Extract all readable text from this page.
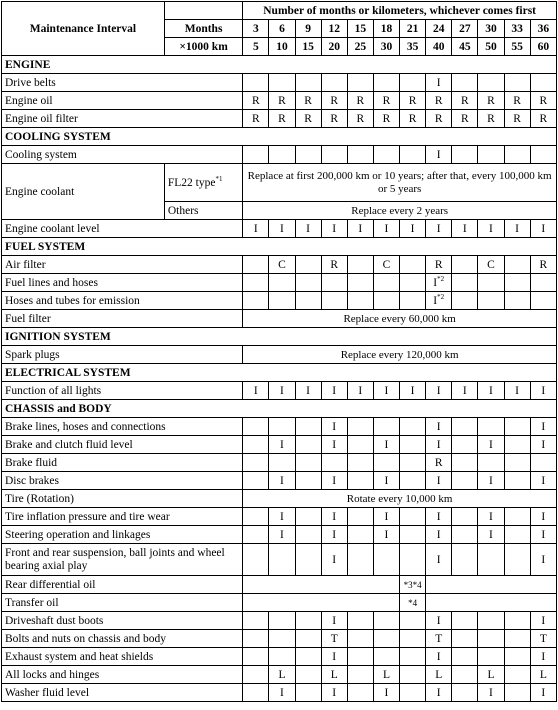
Maintenance Interval		Number of months or kilometers, whichever comes first											
	Months	3	6	9	12	15	18	21	24	27	30	33	36
	×1000 km	5	10	15	20	25	30	35	40	45	50	55	60
ENGINE													
Drive belts									I				
Engine oil		R	R	R	R	R	R	R	R	R	R	R	R
Engine oil filter		R	R	R	R	R	R	R	R	R	R	R	R
COOLING SYSTEM													
Cooling system									I				
Engine coolant	FL22 type$^{*1}$	Replace at first 200,000 km or 10 years; after that, every 100,000 km or 5 years											
	Others	Replace every 2 years											
Engine coolant level		I	I	I	I	I	I	I	I	I	I	I	I
FUEL SYSTEM													
Air filter			C		R		C		R		C		R
Fuel lines and hoses									$I^{*2}$				
Hoses and tubes for emission									$I^{*2}$				
Fuel filter		Replace every 60,000 km											
IGNITION SYSTEM													
Spark plugs		Replace every 120,000 km											
ELECTRICAL SYSTEM													
Function of all lights		I	I	I	I	I	I	I	I	I	I	I	I
CHASSIS and BODY													
Brake lines, hoses and connections					I				I				I
Brake and clutch fluid level			I		I		I		I		I		I
Brake fluid									R				
Disc brakes			I		I		I		I		I		I
Tire (Rotation)		Rotate every 10,000 km											
Tire inflation pressure and tire wear			I		I		I		I		I		I
Steering operation and linkages			I		I		I		I		I		I
Front and rear suspension, ball joints and wheel bearing axial play					I				I				I
Rear differential oil								*3*4					
Transfer oil								*4					
Driveshaft dust boots					I				I				I
Bolts and nuts on chassis and body					T				T				T
Exhaust system and heat shields					I				I				I
All locks and hinges			L		L		L		L		L		L
Washer fluid level			I		I		I		I		I		I
